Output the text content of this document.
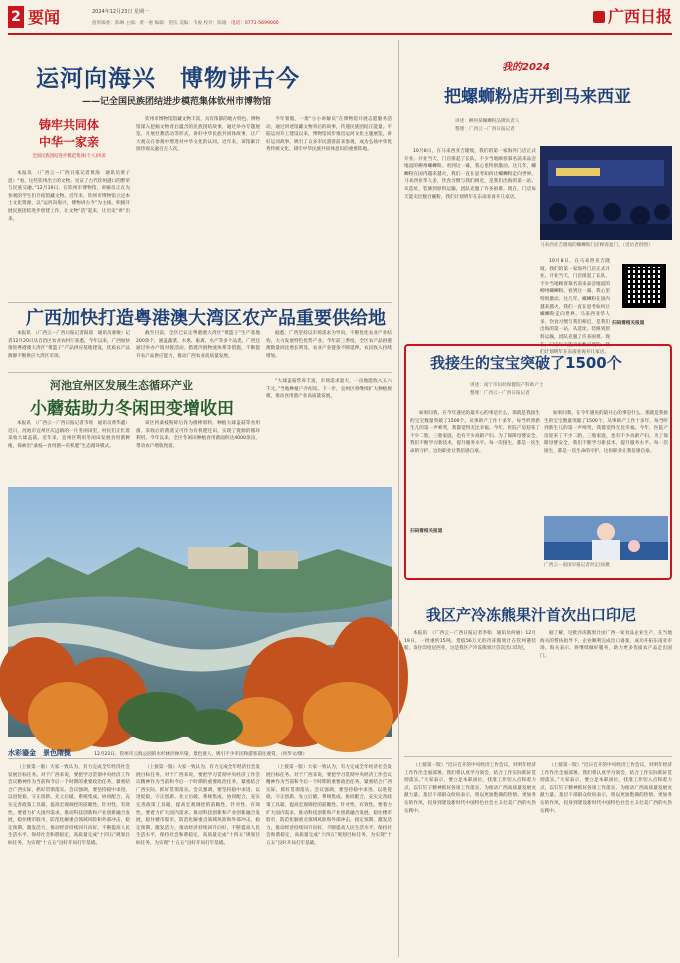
2 要闻	2024年12月23日 星期一
值班编委：陈琳 主编：黄一惠 编辑：望伍 美编：韦俊 校对：陈瑜　 电话：0771-5699000	广西日报
运河向海兴　博物讲古今
——记全国民族团结进步模范集体钦州市博物馆
铸牢共同体
中华一家亲
全国民族团结进步模范集体(个人)风采

本报讯　（广西云－广西日报记者黄海　通讯员黄子恩）“看，这些钦州出土的文物，见证了古代钦州港口的繁荣与民族交融。”12月19日，在钦州市博物馆，讲解员正在为参观的学生们介绍馆藏文物。近年来，钦州市博物馆立足本土文化资源，以“运河向海兴，博物讲古今”为主线，积极开展民族团结进步创建工作，让文物“活”起来，让历史“讲”出来。

钦州市博物馆馆藏文物丰富，具有浓郁的地方特色。博物馆深入挖掘文物背后蕴含的民族团结故事，通过举办专题展览、开展社教活动等形式，讲好中华民族共同体故事，让广大观众在参观中增进对中华文化的认同。近年来，该馆累计接待观众逾百万人次。

今年暑假，一批“小小讲解员”在博物馆开展志愿服务活动，通过讲述馆藏文物背后的故事，传递民族团结正能量。平陆运河开工建设以来，博物馆同步推出运河文化主题展览，讲好运河故事，吸引了众多市民游客前来参观，成为弘扬中华优秀传统文化、铸牢中华民族共同体意识的重要阵地。

广西加快打造粤港澳大湾区农产品重要供给地

本报讯　（广西云－广西日报记者阳晨　通讯员蒙俊）记者12月20日从自治区农业农村厅获悉，今年以来，广西加快推进粤港澳大湾区“菜篮子”产品供应基地建设，优质农产品源源不断供应大湾区市场。

截至目前，全区已认定粤港澳大湾区“菜篮子”生产基地200余个，涵盖蔬菜、水果、畜禽、水产等多个品类。广西还通过举办产销对接活动、搭建冷链物流体系等措施，不断提升农产品供应能力，推动广西农业高质量发展。

据悉，广西坚持以市场需求为导向，不断优化农业产业结构，大力发展特色优势产业。今年前三季度，全区农产品供港澳数量同比增长明显，农业产业链条不断延伸，农民收入持续增加。

河池宜州区发展生态循环产业
小蘑菇助力冬闲田变增收田

本报讯　（广西云－广西日报记者韦瑶　通讯员黄华鑫）近日，河池市宜州区庆远镇的一片冬闲田里，村民们正忙着采收大球盖菇。近年来，宜州区利用冬闲田发展食用菌种植，探索出“桑枝—食用菌—有机肥”生态循环模式。

该区将桑枝粉碎后作为菌棒原料，种植大球盖菇等食用菌，采收后的菌渣又可作为有机肥还田，实现了资源的循环利用。今年以来，全区冬闲田种植食用菌面积达4000余亩，带动农户增收致富。

“大球盖菇营养丰富，市场需求量大，一亩地能收入五六千元。”当地种植户介绍说。下一步，宜州区将继续扩大种植规模，推动食用菌产业高质量发展。

水彩鎏金　景色隋揽	12月21日，钦州市云海公园的水杉林层林尽染，景色迷人，吸引不少市民和游客前往观赏。（何华文/摄）

（上接第一版）大家一致认为，有力完成全年经济社会发展目标任务。对于广西来说，要把学习贯彻中央经济工作会议精神作为当前和今后一个时期的重要政治任务，紧密结合广西实际，抓好贯彻落实。会议强调，要坚持稳中求进、以进促稳，守正创新、先立后破，系统集成、协同配合，充实完善政策工具箱，提高宏观调控的前瞻性、针对性、有效性。要着力扩大国内需求，推动科技创新和产业创新融合发展，稳住楼市股市，防范化解重点领域风险和外部冲击，稳定预期、激发活力，推动经济持续回升向好，不断提高人民生活水平，保持社会和谐稳定，高质量完成“十四五”规划目标任务，为实现“十五五”良好开局打牢基础。

（上接第一版）大家一致认为，有力完成全年经济社会发展目标任务。对于广西来说，要把学习贯彻中央经济工作会议精神作为当前和今后一个时期的重要政治任务，紧密结合广西实际，抓好贯彻落实。会议强调，要坚持稳中求进、以进促稳，守正创新、先立后破，系统集成、协同配合，充实完善政策工具箱，提高宏观调控的前瞻性、针对性、有效性。要着力扩大国内需求，推动科技创新和产业创新融合发展，稳住楼市股市，防范化解重点领域风险和外部冲击，稳定预期、激发活力，推动经济持续回升向好，不断提高人民生活水平，保持社会和谐稳定，高质量完成“十四五”规划目标任务，为实现“十五五”良好开局打牢基础。

（上接第一版）大家一致认为，有力完成全年经济社会发展目标任务。对于广西来说，要把学习贯彻中央经济工作会议精神作为当前和今后一个时期的重要政治任务，紧密结合广西实际，抓好贯彻落实。会议强调，要坚持稳中求进、以进促稳，守正创新、先立后破，系统集成、协同配合，充实完善政策工具箱，提高宏观调控的前瞻性、针对性、有效性。要着力扩大国内需求，推动科技创新和产业创新融合发展，稳住楼市股市，防范化解重点领域风险和外部冲击，稳定预期、激发活力，推动经济持续回升向好，不断提高人民生活水平，保持社会和谐稳定，高质量完成“十四五”规划目标任务，为实现“十五五”良好开局打牢基础。

我的2024
把螺蛳粉店开到马来西亚
讲述：柳州某螺蛳粉品牌负责人
整理：广西云－广西日报记者

10月8日，在马来西亚吉隆坡，我们的第一家海外门店正式开业。开业当天，门店排起了长队，不少当地顾客慕名前来品尝地道的柳州螺蛳粉。看到这一幕，我心里特别激动。这几年，螺蛳粉在国内越来越火，我们一直在思考如何让螺蛳粉走向世界。马来西亚华人多，饮食习惯与我们相近，是我们出海的第一站。从选址、装修到原料运输，团队克服了许多困难。现在，门店每天能卖出数百碗粉，我们计划明年在东南亚再开几家店。

马来西亚吉隆坡的螺蛳粉门店顾客盈门。（受访者供图）

10月8日，在马来西亚吉隆坡，我们的第一家海外门店正式开业。开业当天，门店排起了长队，不少当地顾客慕名前来品尝地道的柳州螺蛳粉。看到这一幕，我心里特别激动。这几年，螺蛳粉在国内越来越火，我们一直在思考如何让螺蛳粉走向世界。马来西亚华人多，饮食习惯与我们相近，是我们出海的第一站。从选址、装修到原料运输，团队克服了许多困难。现在，门店每天能卖出数百碗粉，我们计划明年在东南亚再开几家店。

扫码看相关报道
我接生的宝宝突破了1500个
讲述：南宁市妇幼保健院产科助产士
整理：广西云－广西日报记者

如果问我，在今年遇见的最开心的事是什么，那就是我接生的宝宝数量突破了1500个。从事助产工作十多年，每当听到新生儿的第一声啼哭，我都觉得无比幸福。今年，医院产房迎来了不少二胎、三胎家庭，也有不少高龄产妇。为了保障母婴安全，我们不断学习新技术，提升服务水平。每一次接生，都是一次生命的守护，这份职业让我倍感自豪。

如果问我，在今年遇见的最开心的事是什么，那就是我接生的宝宝数量突破了1500个。从事助产工作十多年，每当听到新生儿的第一声啼哭，我都觉得无比幸福。今年，医院产房迎来了不少二胎、三胎家庭，也有不少高龄产妇。为了保障母婴安全，我们不断学习新技术，提升服务水平。每一次接生，都是一次生命的守护，这份职业让我倍感自豪。

广西云－南国早报记者何定国/摄
扫码看相关报道
我区产冷冻熊果汁首次出口印尼

本报讯　（广西云－广西日报记者李娟　通讯员何丽）12月19日，一批重约15吨、货值56万元的冷冻熊果汁在钦州港装船，发往印度尼西亚，这是我区产冷冻熊果汁首次出口印尼。

据了解，这批冷冻熊果汁由广西一家食品企业生产，在当地海关的帮扶指导下，企业顺利完成出口备案，成功开拓东南亚市场。海关表示，将继续做好服务，助力更多优质农产品走出国门。

（上接第一版）“近日召开的中央经济工作会议，对明年经济工作作出全面部署。我们将认真学习领会，结合工作实际抓好贯彻落实。”大家表示，要立足本职岗位，找准工作切入点和着力点，以钉钉子精神抓好各项工作落实，为推动广西高质量发展贡献力量。基层干部群众纷纷表示，将以更加饱满的热情、更加务实的作风，投身到建设新时代中国特色社会主义壮美广西的火热实践中。

（上接第一版）“近日召开的中央经济工作会议，对明年经济工作作出全面部署。我们将认真学习领会，结合工作实际抓好贯彻落实。”大家表示，要立足本职岗位，找准工作切入点和着力点，以钉钉子精神抓好各项工作落实，为推动广西高质量发展贡献力量。基层干部群众纷纷表示，将以更加饱满的热情、更加务实的作风，投身到建设新时代中国特色社会主义壮美广西的火热实践中。
